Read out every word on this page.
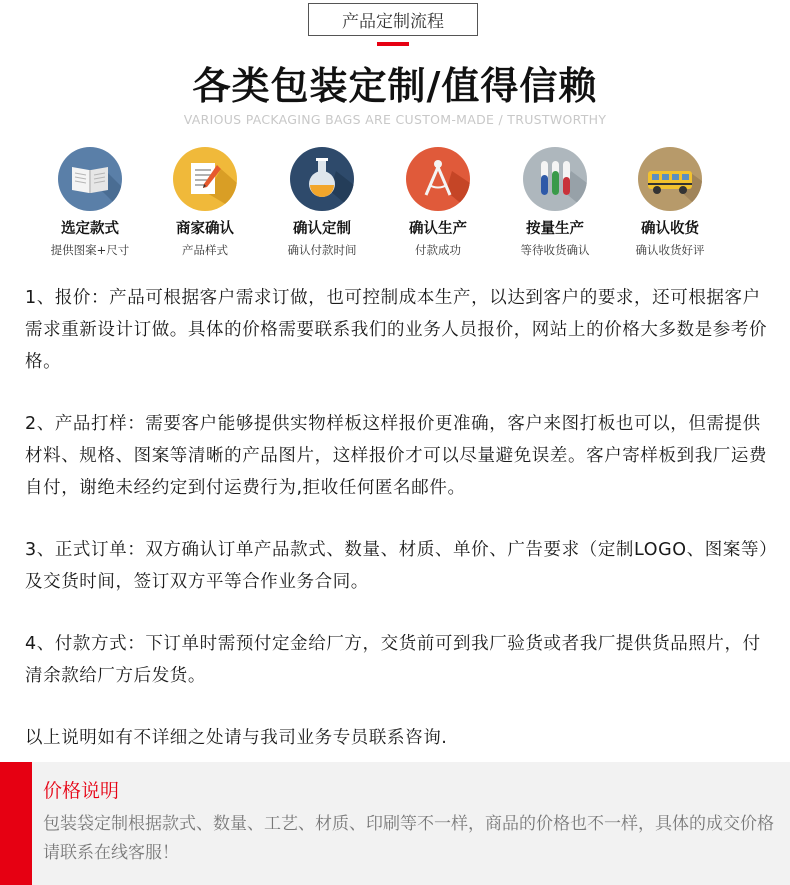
产品定制流程
各类包装定制/值得信赖
VARIOUS PACKAGING BAGS ARE CUSTOM-MADE / TRUSTWORTHY
选定款式
提供图案+尺寸
商家确认
产品样式
确认定制
确认付款时间
确认生产
付款成功
按量生产
等待收货确认
确认收货
确认收货好评

1、报价：产品可根据客户需求订做，也可控制成本生产，以达到客户的要求，还可根据客户需求重新设计订做。具体的价格需要联系我们的业务人员报价，网站上的价格大多数是参考价格。

2、产品打样：需要客户能够提供实物样板这样报价更准确，客户来图打板也可以，但需提供材料、规格、图案等清晰的产品图片，这样报价才可以尽量避免误差。客户寄样板到我厂运费自付，谢绝未经约定到付运费行为,拒收任何匿名邮件。

3、正式订单：双方确认订单产品款式、数量、材质、单价、广告要求（定制LOGO、图案等）及交货时间，签订双方平等合作业务合同。

4、付款方式：下订单时需预付定金给厂方，交货前可到我厂验货或者我厂提供货品照片，付清余款给厂方后发货。

以上说明如有不详细之处请与我司业务专员联系咨询.

价格说明
包装袋定制根据款式、数量、工艺、材质、印刷等不一样，商品的价格也不一样，具体的成交价格请联系在线客服！
